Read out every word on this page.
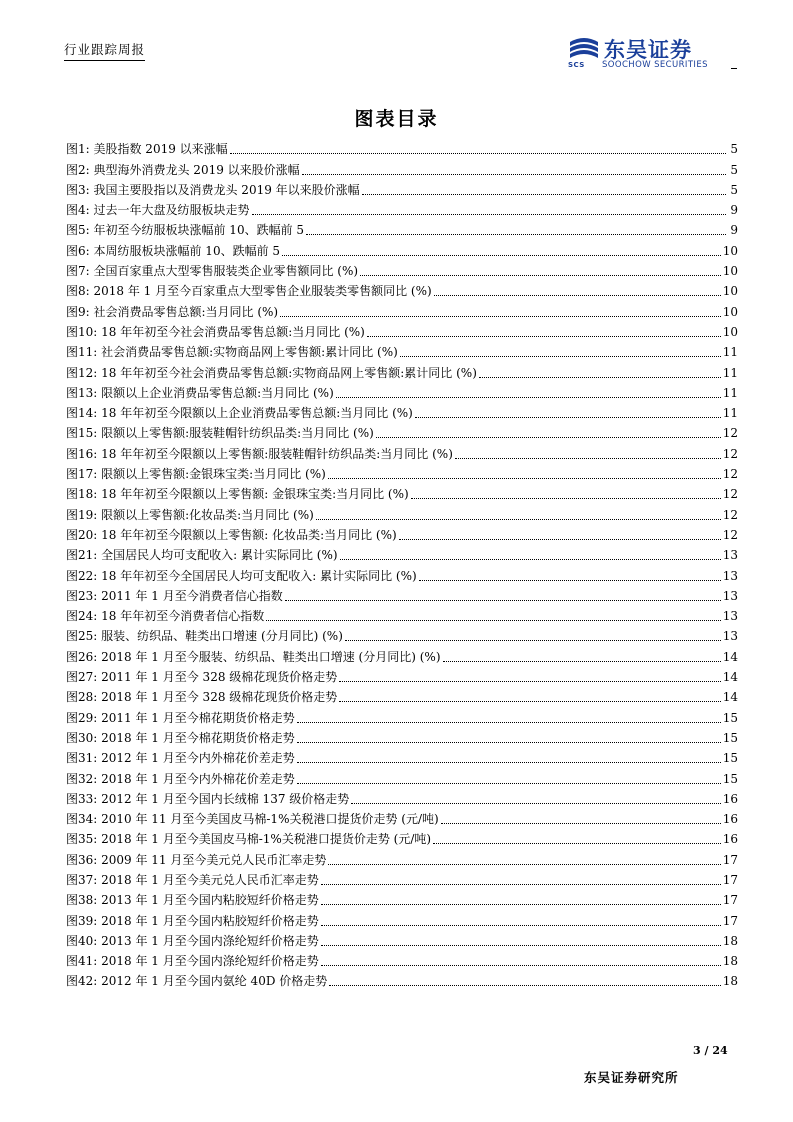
行业跟踪周报	东吴证券
SCS SOOCHOW SECURITIES
图表目录
图1: 美股指数 2019 以来涨幅	5
图2: 典型海外消费龙头 2019 以来股价涨幅	5
图3: 我国主要股指以及消费龙头 2019 年以来股价涨幅	5
图4: 过去一年大盘及纺服板块走势	9
图5: 年初至今纺服板块涨幅前 10、跌幅前 5	9
图6: 本周纺服板块涨幅前 10、跌幅前 5	10
图7: 全国百家重点大型零售服装类企业零售额同比 (%)	10
图8: 2018 年 1 月至今百家重点大型零售企业服装类零售额同比 (%)	10
图9: 社会消费品零售总额:当月同比 (%)	10
图10: 18 年年初至今社会消费品零售总额:当月同比 (%)	10
图11: 社会消费品零售总额:实物商品网上零售额:累计同比 (%)	11
图12: 18 年年初至今社会消费品零售总额:实物商品网上零售额:累计同比 (%)	11
图13: 限额以上企业消费品零售总额:当月同比 (%)	11
图14: 18 年年初至今限额以上企业消费品零售总额:当月同比 (%)	11
图15: 限额以上零售额:服装鞋帽针纺织品类:当月同比 (%)	12
图16: 18 年年初至今限额以上零售额:服装鞋帽针纺织品类:当月同比 (%)	12
图17: 限额以上零售额:金银珠宝类:当月同比 (%)	12
图18: 18 年年初至今限额以上零售额: 金银珠宝类:当月同比 (%)	12
图19: 限额以上零售额:化妆品类:当月同比 (%)	12
图20: 18 年年初至今限额以上零售额: 化妆品类:当月同比 (%)	12
图21: 全国居民人均可支配收入: 累计实际同比 (%)	13
图22: 18 年年初至今全国居民人均可支配收入: 累计实际同比 (%)	13
图23: 2011 年 1 月至今消费者信心指数	13
图24: 18 年年初至今消费者信心指数	13
图25: 服装、纺织品、鞋类出口增速 (分月同比) (%)	13
图26: 2018 年 1 月至今服装、纺织品、鞋类出口增速 (分月同比) (%)	14
图27: 2011 年 1 月至今 328 级棉花现货价格走势	14
图28: 2018 年 1 月至今 328 级棉花现货价格走势	14
图29: 2011 年 1 月至今棉花期货价格走势	15
图30: 2018 年 1 月至今棉花期货价格走势	15
图31: 2012 年 1 月至今内外棉花价差走势	15
图32: 2018 年 1 月至今内外棉花价差走势	15
图33: 2012 年 1 月至今国内长绒棉 137 级价格走势	16
图34: 2010 年 11 月至今美国皮马棉-1%关税港口提货价走势 (元/吨)	16
图35: 2018 年 1 月至今美国皮马棉-1%关税港口提货价走势 (元/吨)	16
图36: 2009 年 11 月至今美元兑人民币汇率走势	17
图37: 2018 年 1 月至今美元兑人民币汇率走势	17
图38: 2013 年 1 月至今国内粘胶短纤价格走势	17
图39: 2018 年 1 月至今国内粘胶短纤价格走势	17
图40: 2013 年 1 月至今国内涤纶短纤价格走势	18
图41: 2018 年 1 月至今国内涤纶短纤价格走势	18
图42: 2012 年 1 月至今国内氨纶 40D 价格走势	18
3 / 24
东吴证券研究所
